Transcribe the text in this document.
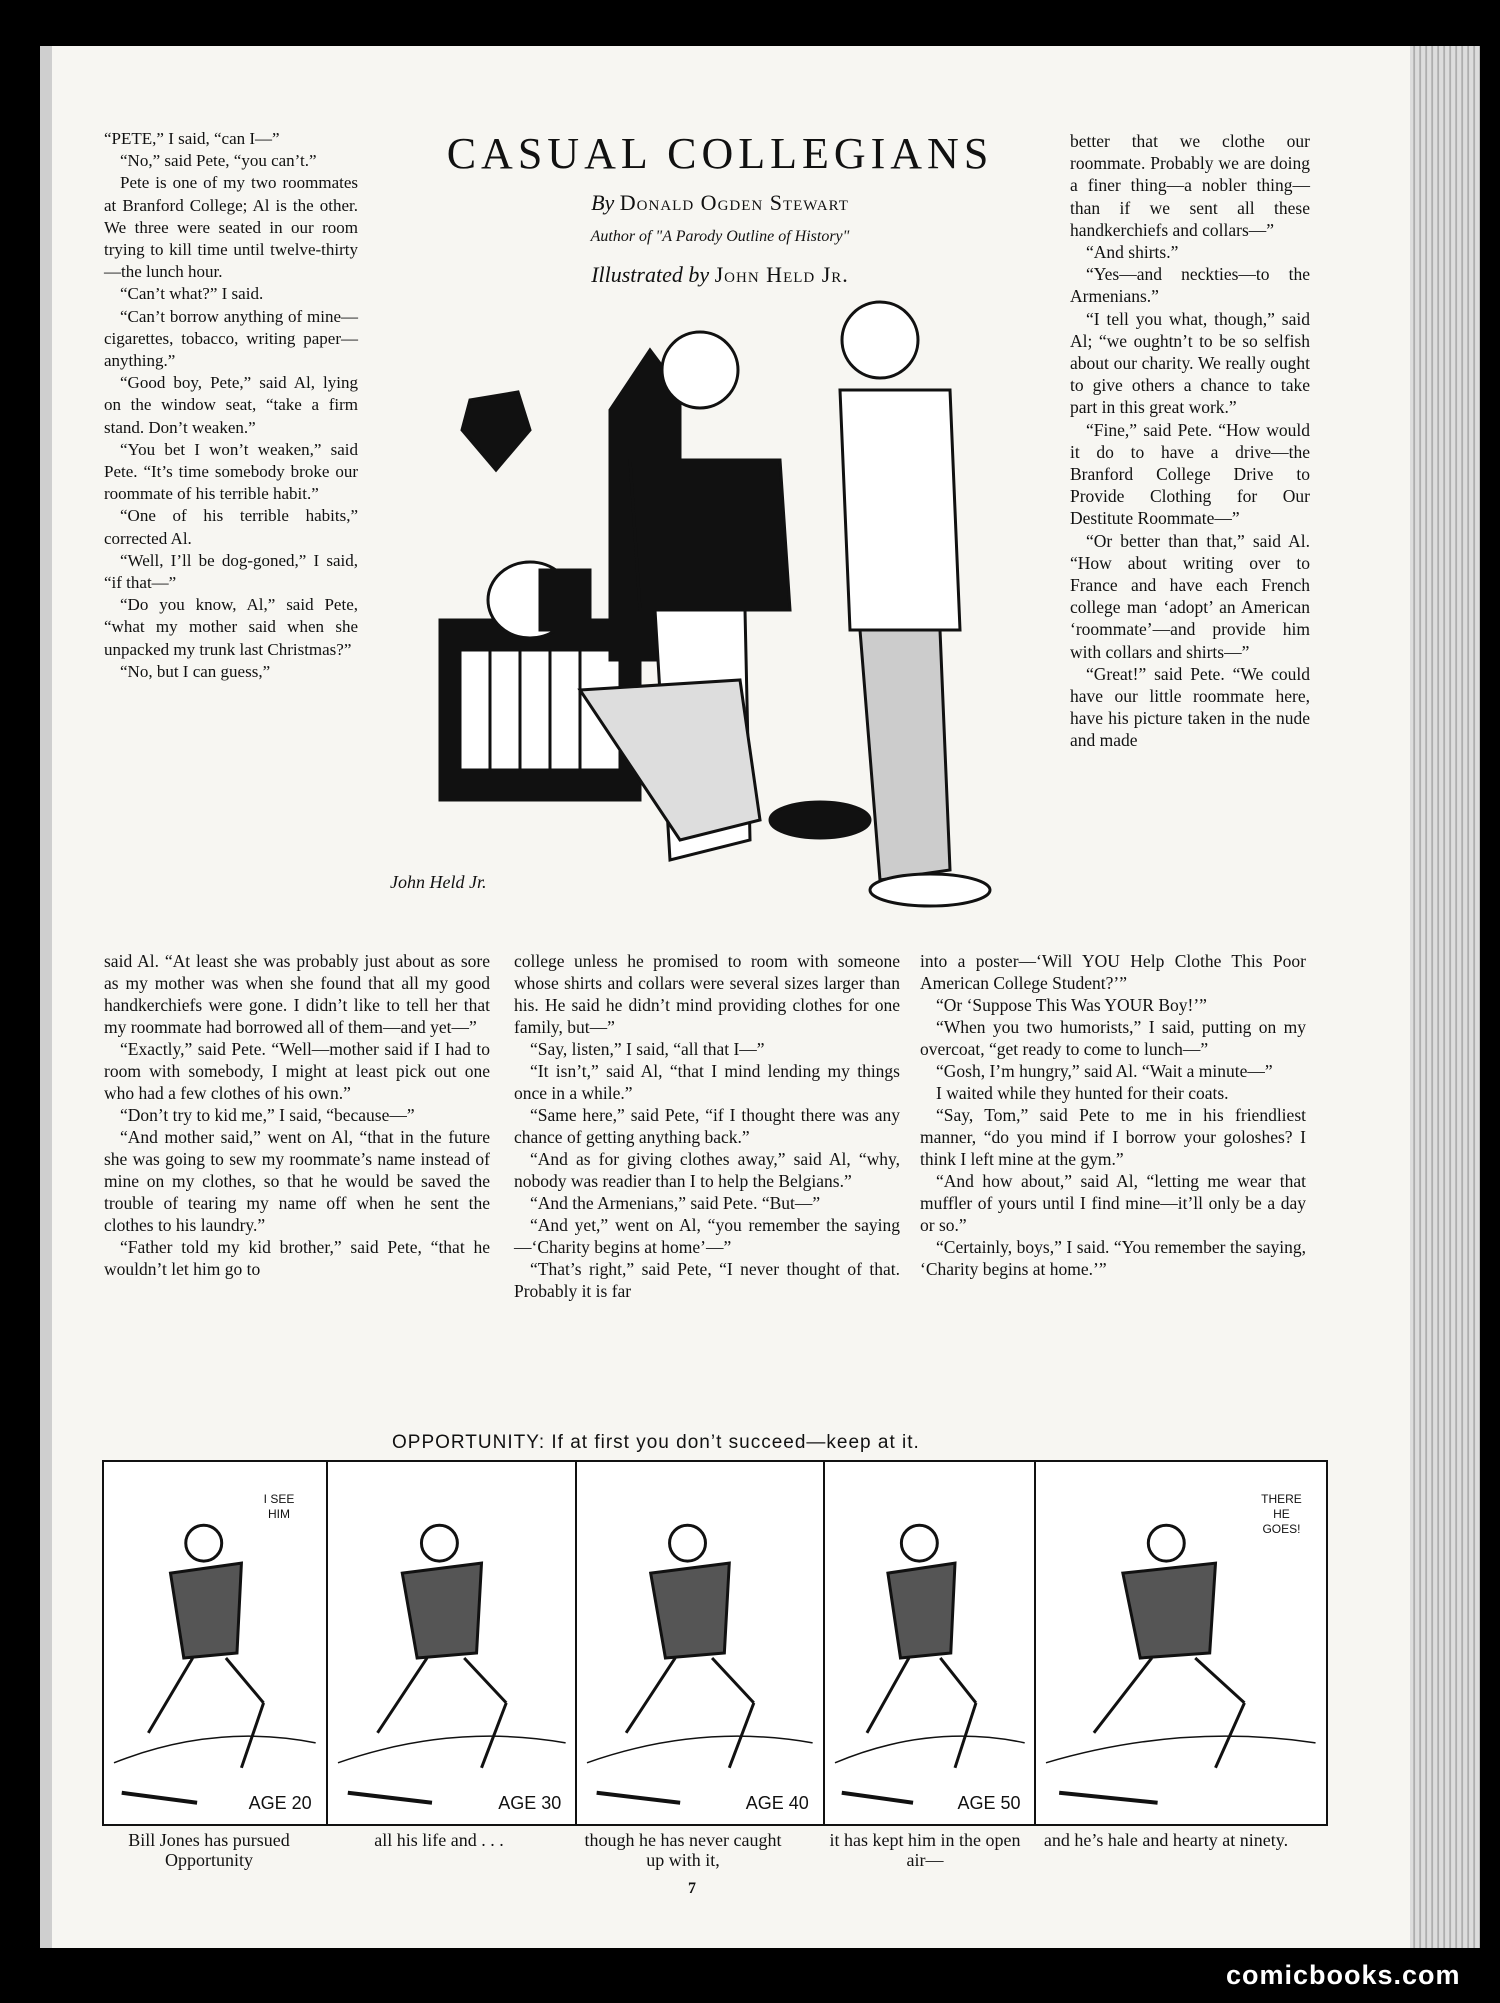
CASUAL COLLEGIANS
By Donald Ogden Stewart
Author of "A Parody Outline of History"
Illustrated by John Held Jr.

“PETE,” I said, “can I—”

“No,” said Pete, “you can’t.”

Pete is one of my two roommates at Branford College; Al is the other. We three were seated in our room trying to kill time until twelve-thirty—the lunch hour.

“Can’t what?” I said.

“Can’t borrow anything of mine—cigarettes, tobacco, writing paper—anything.”

“Good boy, Pete,” said Al, lying on the window seat, “take a firm stand. Don’t weaken.”

“You bet I won’t weaken,” said Pete. “It’s time somebody broke our roommate of his terrible habit.”

“One of his terrible habits,” corrected Al.

“Well, I’ll be dog-goned,” I said, “if that—”

“Do you know, Al,” said Pete, “what my mother said when she unpacked my trunk last Christmas?”

“No, but I can guess,”

said Al. “At least she was probably just about as sore as my mother was when she found that all my good handkerchiefs were gone. I didn’t like to tell her that my roommate had borrowed all of them—and yet—”

“Exactly,” said Pete. “Well—mother said if I had to room with somebody, I might at least pick out one who had a few clothes of his own.”

“Don’t try to kid me,” I said, “because—”

“And mother said,” went on Al, “that in the future she was going to sew my roommate’s name instead of mine on my clothes, so that he would be saved the trouble of tearing my name off when he sent the clothes to his laundry.”

“Father told my kid brother,” said Pete, “that he wouldn’t let him go to

college unless he promised to room with someone whose shirts and collars were several sizes larger than his. He said he didn’t mind providing clothes for one family, but—”

“Say, listen,” I said, “all that I—”

“It isn’t,” said Al, “that I mind lending my things once in a while.”

“Same here,” said Pete, “if I thought there was any chance of getting anything back.”

“And as for giving clothes away,” said Al, “why, nobody was readier than I to help the Belgians.”

“And the Armenians,” said Pete. “But—”

“And yet,” went on Al, “you remember the saying—‘Charity begins at home’—”

“That’s right,” said Pete, “I never thought of that. Probably it is far

better that we clothe our roommate. Probably we are doing a finer thing—a nobler thing—than if we sent all these handkerchiefs and collars—”

“And shirts.”

“Yes—and neckties—to the Armenians.”

“I tell you what, though,” said Al; “we oughtn’t to be so selfish about our charity. We really ought to give others a chance to take part in this great work.”

“Fine,” said Pete. “How would it do to have a drive—the Branford College Drive to Provide Clothing for Our Destitute Roommate—”

“Or better than that,” said Al. “How about writing over to France and have each French college man ‘adopt’ an American ‘roommate’—and provide him with collars and shirts—”

“Great!” said Pete. “We could have our little roommate here, have his picture taken in the nude and made

into a poster—‘Will YOU Help Clothe This Poor American College Student?’”

“Or ‘Suppose This Was YOUR Boy!’”

“When you two humorists,” I said, putting on my overcoat, “get ready to come to lunch—”

“Gosh, I’m hungry,” said Al. “Wait a minute—”

I waited while they hunted for their coats.

“Say, Tom,” said Pete to me in his friendliest manner, “do you mind if I borrow your goloshes? I think I left mine at the gym.”

“And how about,” said Al, “letting me wear that muffler of yours until I find mine—it’ll only be a day or so.”

“Certainly, boys,” I said. “You remember the saying, ‘Charity begins at home.’”

John Held Jr.
OPPORTUNITY: If at first you don’t succeed—keep at it.
I SEE HIM
AGE 20	AGE 30	AGE 40	AGE 50
THERE HE GOES!
7
comicbooks.com
Bill Jones has pursued Opportunity
all his life and . . .	though he has never caught up with it,
it has kept him in the open air—
and he’s hale and hearty at ninety.
